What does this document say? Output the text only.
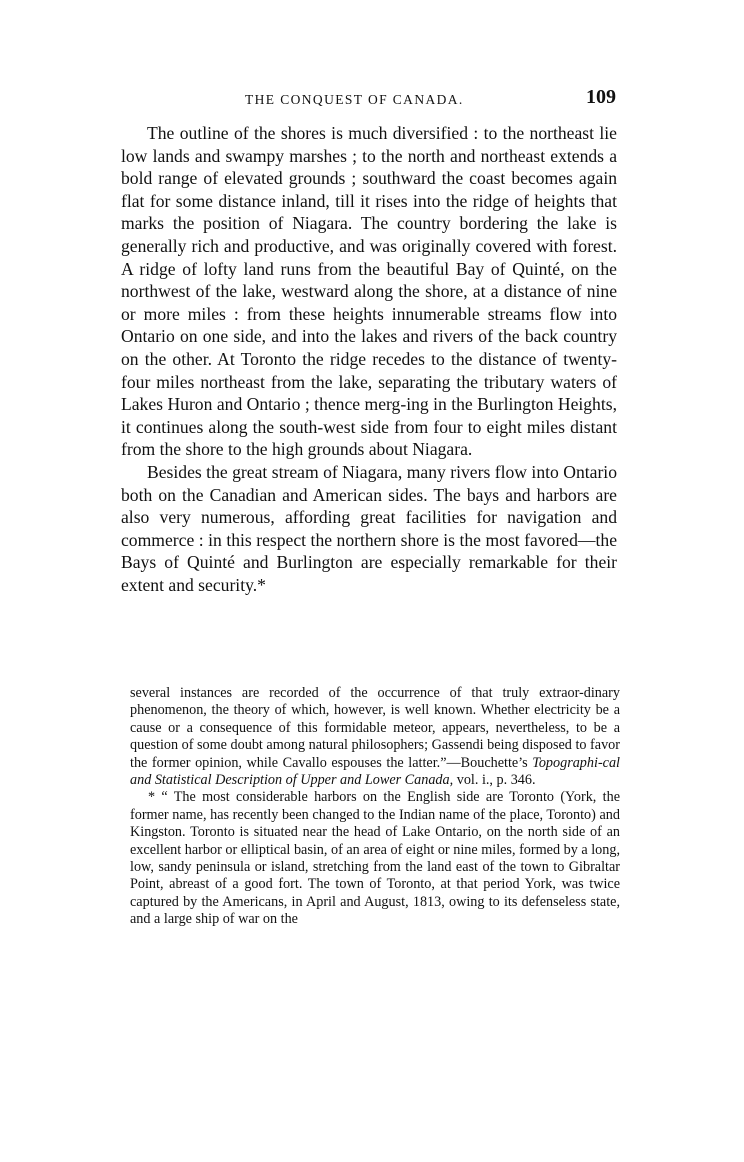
THE CONQUEST OF CANADA.	109

The outline of the shores is much diversified : to the northeast lie low lands and swampy marshes ; to the north and northeast extends a bold range of elevated grounds ; southward the coast becomes again flat for some distance inland, till it rises into the ridge of heights that marks the position of Niagara. The country bordering the lake is generally rich and productive, and was originally covered with forest. A ridge of lofty land runs from the beautiful Bay of Quinté, on the northwest of the lake, westward along the shore, at a distance of nine or more miles : from these heights innumerable streams flow into Ontario on one side, and into the lakes and rivers of the back country on the other. At Toronto the ridge recedes to the distance of twenty-four miles northeast from the lake, separating the tributary waters of Lakes Huron and Ontario ; thence merg-ing in the Burlington Heights, it continues along the south-west side from four to eight miles distant from the shore to the high grounds about Niagara.

Besides the great stream of Niagara, many rivers flow into Ontario both on the Canadian and American sides. The bays and harbors are also very numerous, affording great facilities for navigation and commerce : in this respect the northern shore is the most favored—the Bays of Quinté and Burlington are especially remarkable for their extent and security.*

several instances are recorded of the occurrence of that truly extraor-dinary phenomenon, the theory of which, however, is well known. Whether electricity be a cause or a consequence of this formidable meteor, appears, nevertheless, to be a question of some doubt among natural philosophers; Gassendi being disposed to favor the former opinion, while Cavallo espouses the latter.”—Bouchette’s Topographi-cal and Statistical Description of Upper and Lower Canada, vol. i., p. 346.

* “ The most considerable harbors on the English side are Toronto (York, the former name, has recently been changed to the Indian name of the place, Toronto) and Kingston. Toronto is situated near the head of Lake Ontario, on the north side of an excellent harbor or elliptical basin, of an area of eight or nine miles, formed by a long, low, sandy peninsula or island, stretching from the land east of the town to Gibraltar Point, abreast of a good fort. The town of Toronto, at that period York, was twice captured by the Americans, in April and August, 1813, owing to its defenseless state, and a large ship of war on the
